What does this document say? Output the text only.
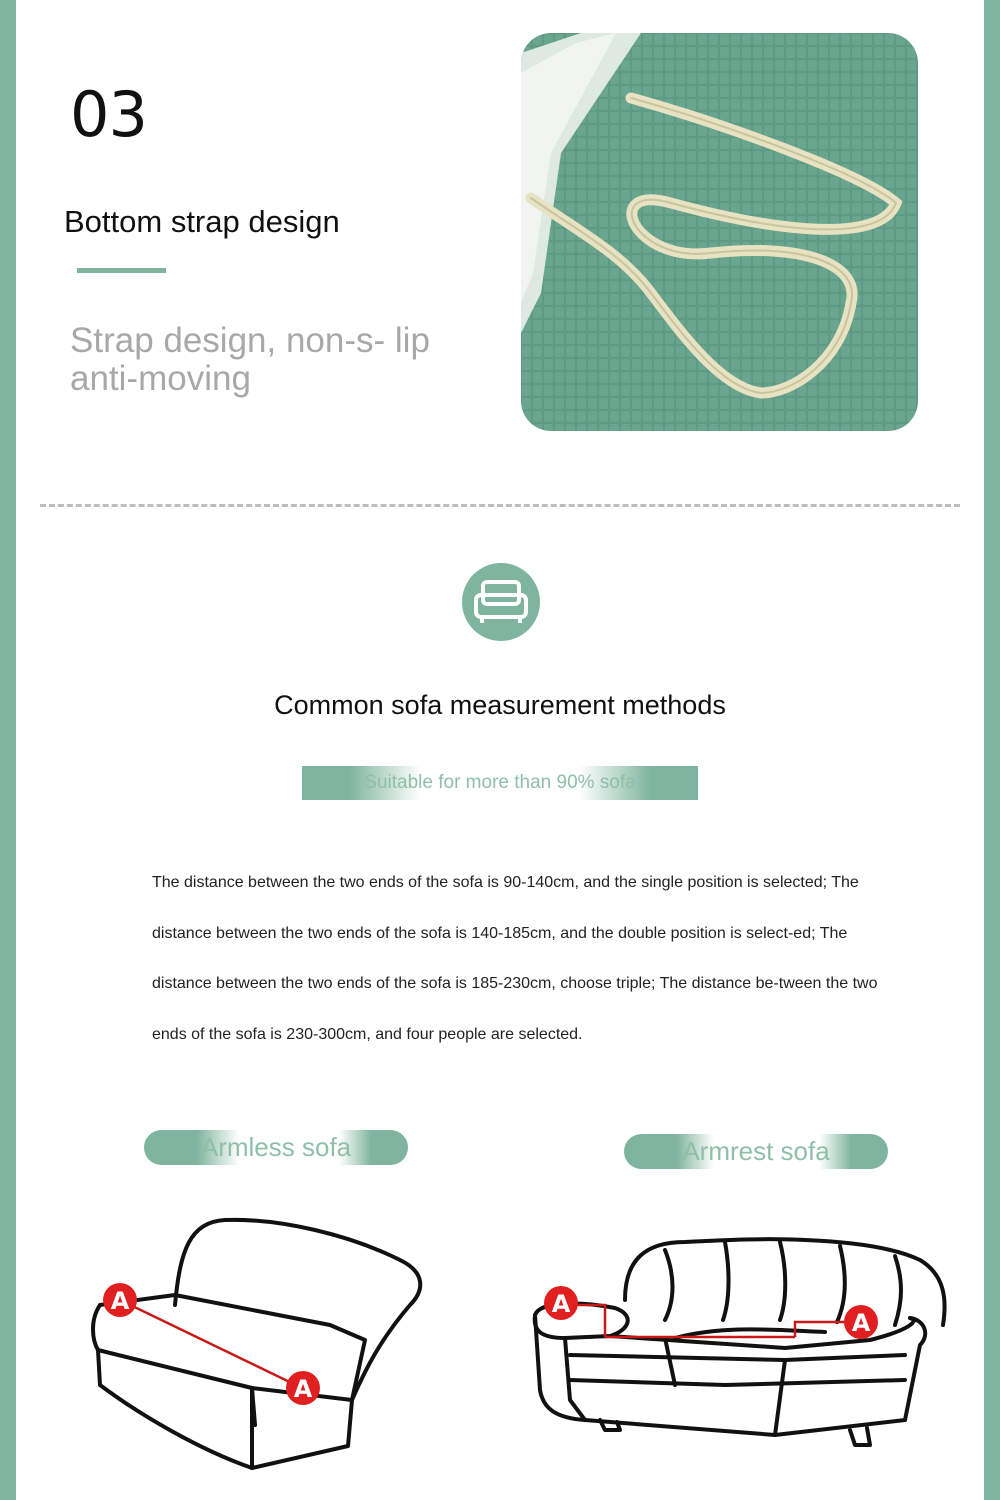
03
Bottom strap design
Strap design, non-s- lip anti-moving
Common sofa measurement methods
Suitable for more than 90% sofa
The distance between the two ends of the sofa is 90-140cm, and the single position is selected; The distance between the two ends of the sofa is 140-185cm, and the double position is select-ed; The distance between the two ends of the sofa is 185-230cm, choose triple; The distance be-tween the two ends of the sofa is 230-300cm, and four people are selected.
Armless sofa	Armrest sofa
A
A
A
A
